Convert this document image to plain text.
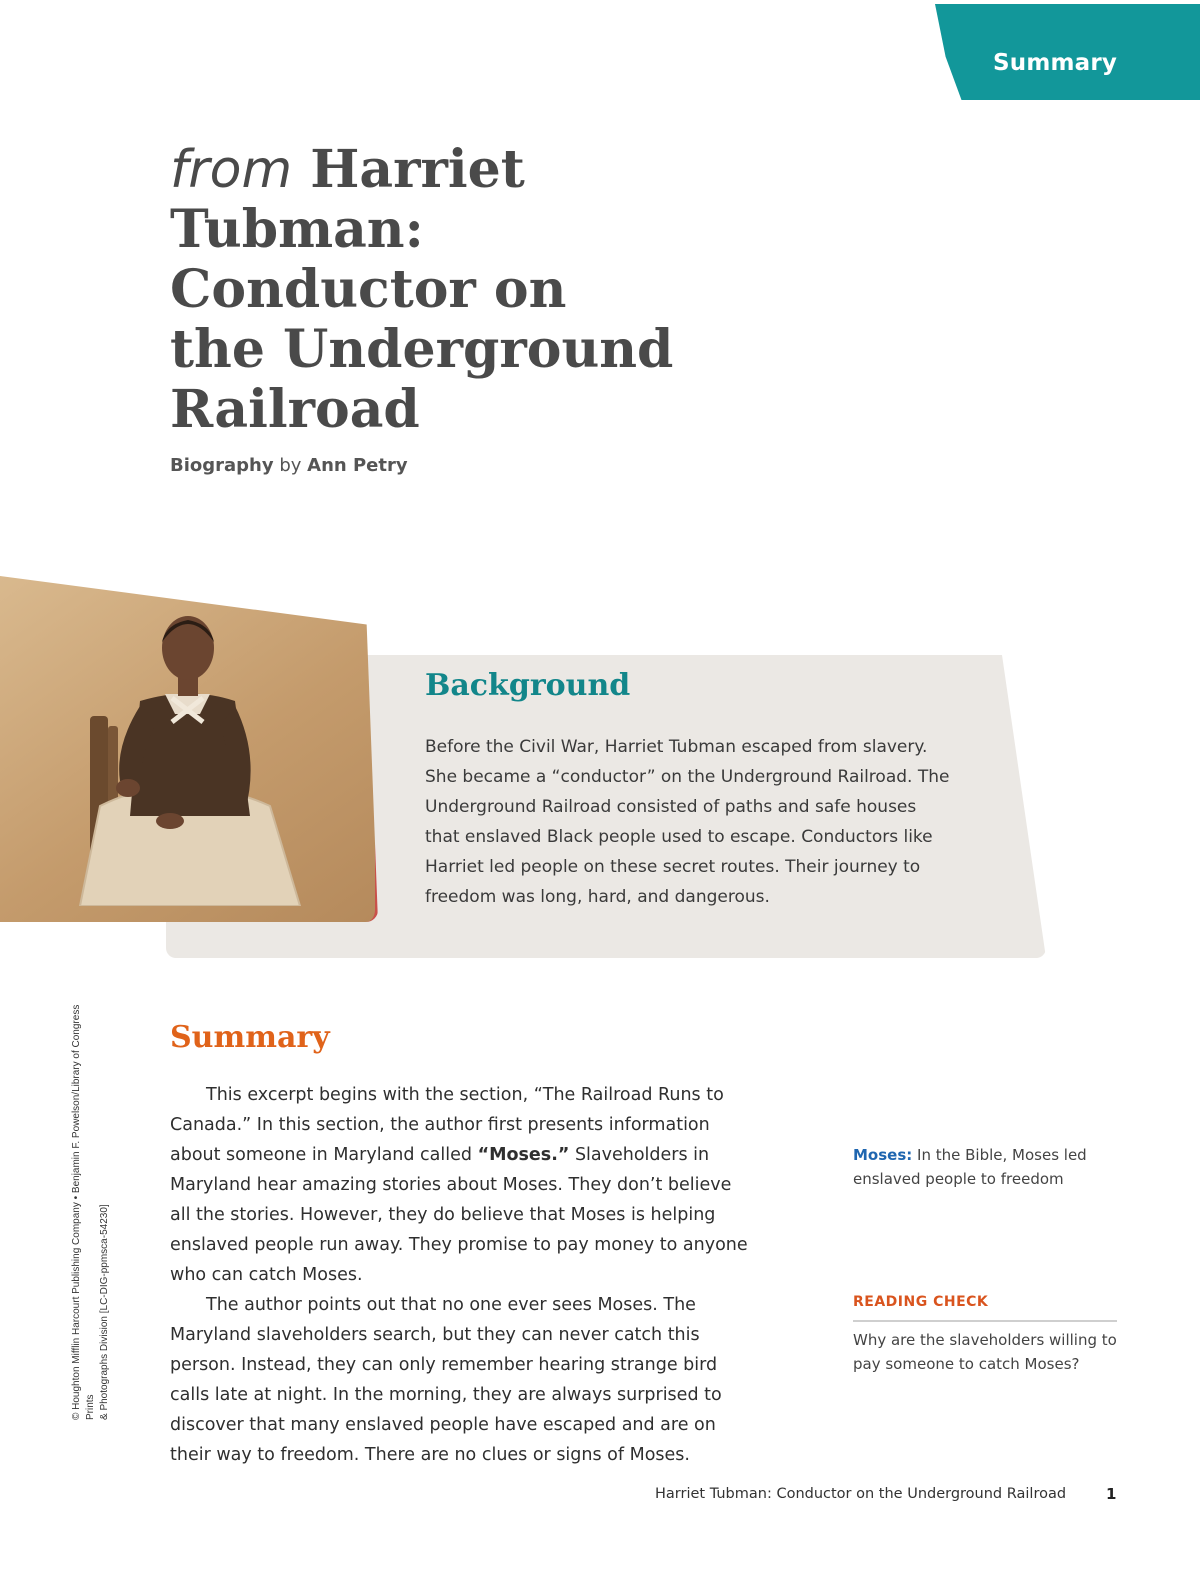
Summary
from Harriet
Tubman:
Conductor on
the Underground
Railroad
Biography by Ann Petry
Background
Before the Civil War, Harriet Tubman escaped from slavery.
She became a “conductor” on the Underground Railroad. The
Underground Railroad consisted of paths and safe houses
that enslaved Black people used to escape. Conductors like
Harriet led people on these secret routes. Their journey to
freedom was long, hard, and dangerous.
© Houghton Mifflin Harcourt Publishing Company • Benjamin F. Powelson/Library of Congress Prints & Photographs Division [LC-DIG-ppmsca-54230]
Summary

This excerpt begins with the section, “The Railroad Runs to
Canada.” In this section, the author first presents information
about someone in Maryland called “Moses.” Slaveholders in
Maryland hear amazing stories about Moses. They don’t believe
all the stories. However, they do believe that Moses is helping
enslaved people run away. They promise to pay money to anyone
who can catch Moses.

The author points out that no one ever sees Moses. The
Maryland slaveholders search, but they can never catch this
person. Instead, they can only remember hearing strange bird
calls late at night. In the morning, they are always surprised to
discover that many enslaved people have escaped and are on
their way to freedom. There are no clues or signs of Moses.

Moses: In the Bible, Moses led enslaved people to freedom
READING CHECK
Why are the slaveholders willing to
pay someone to catch Moses?
Harriet Tubman: Conductor on the Underground Railroad	1
